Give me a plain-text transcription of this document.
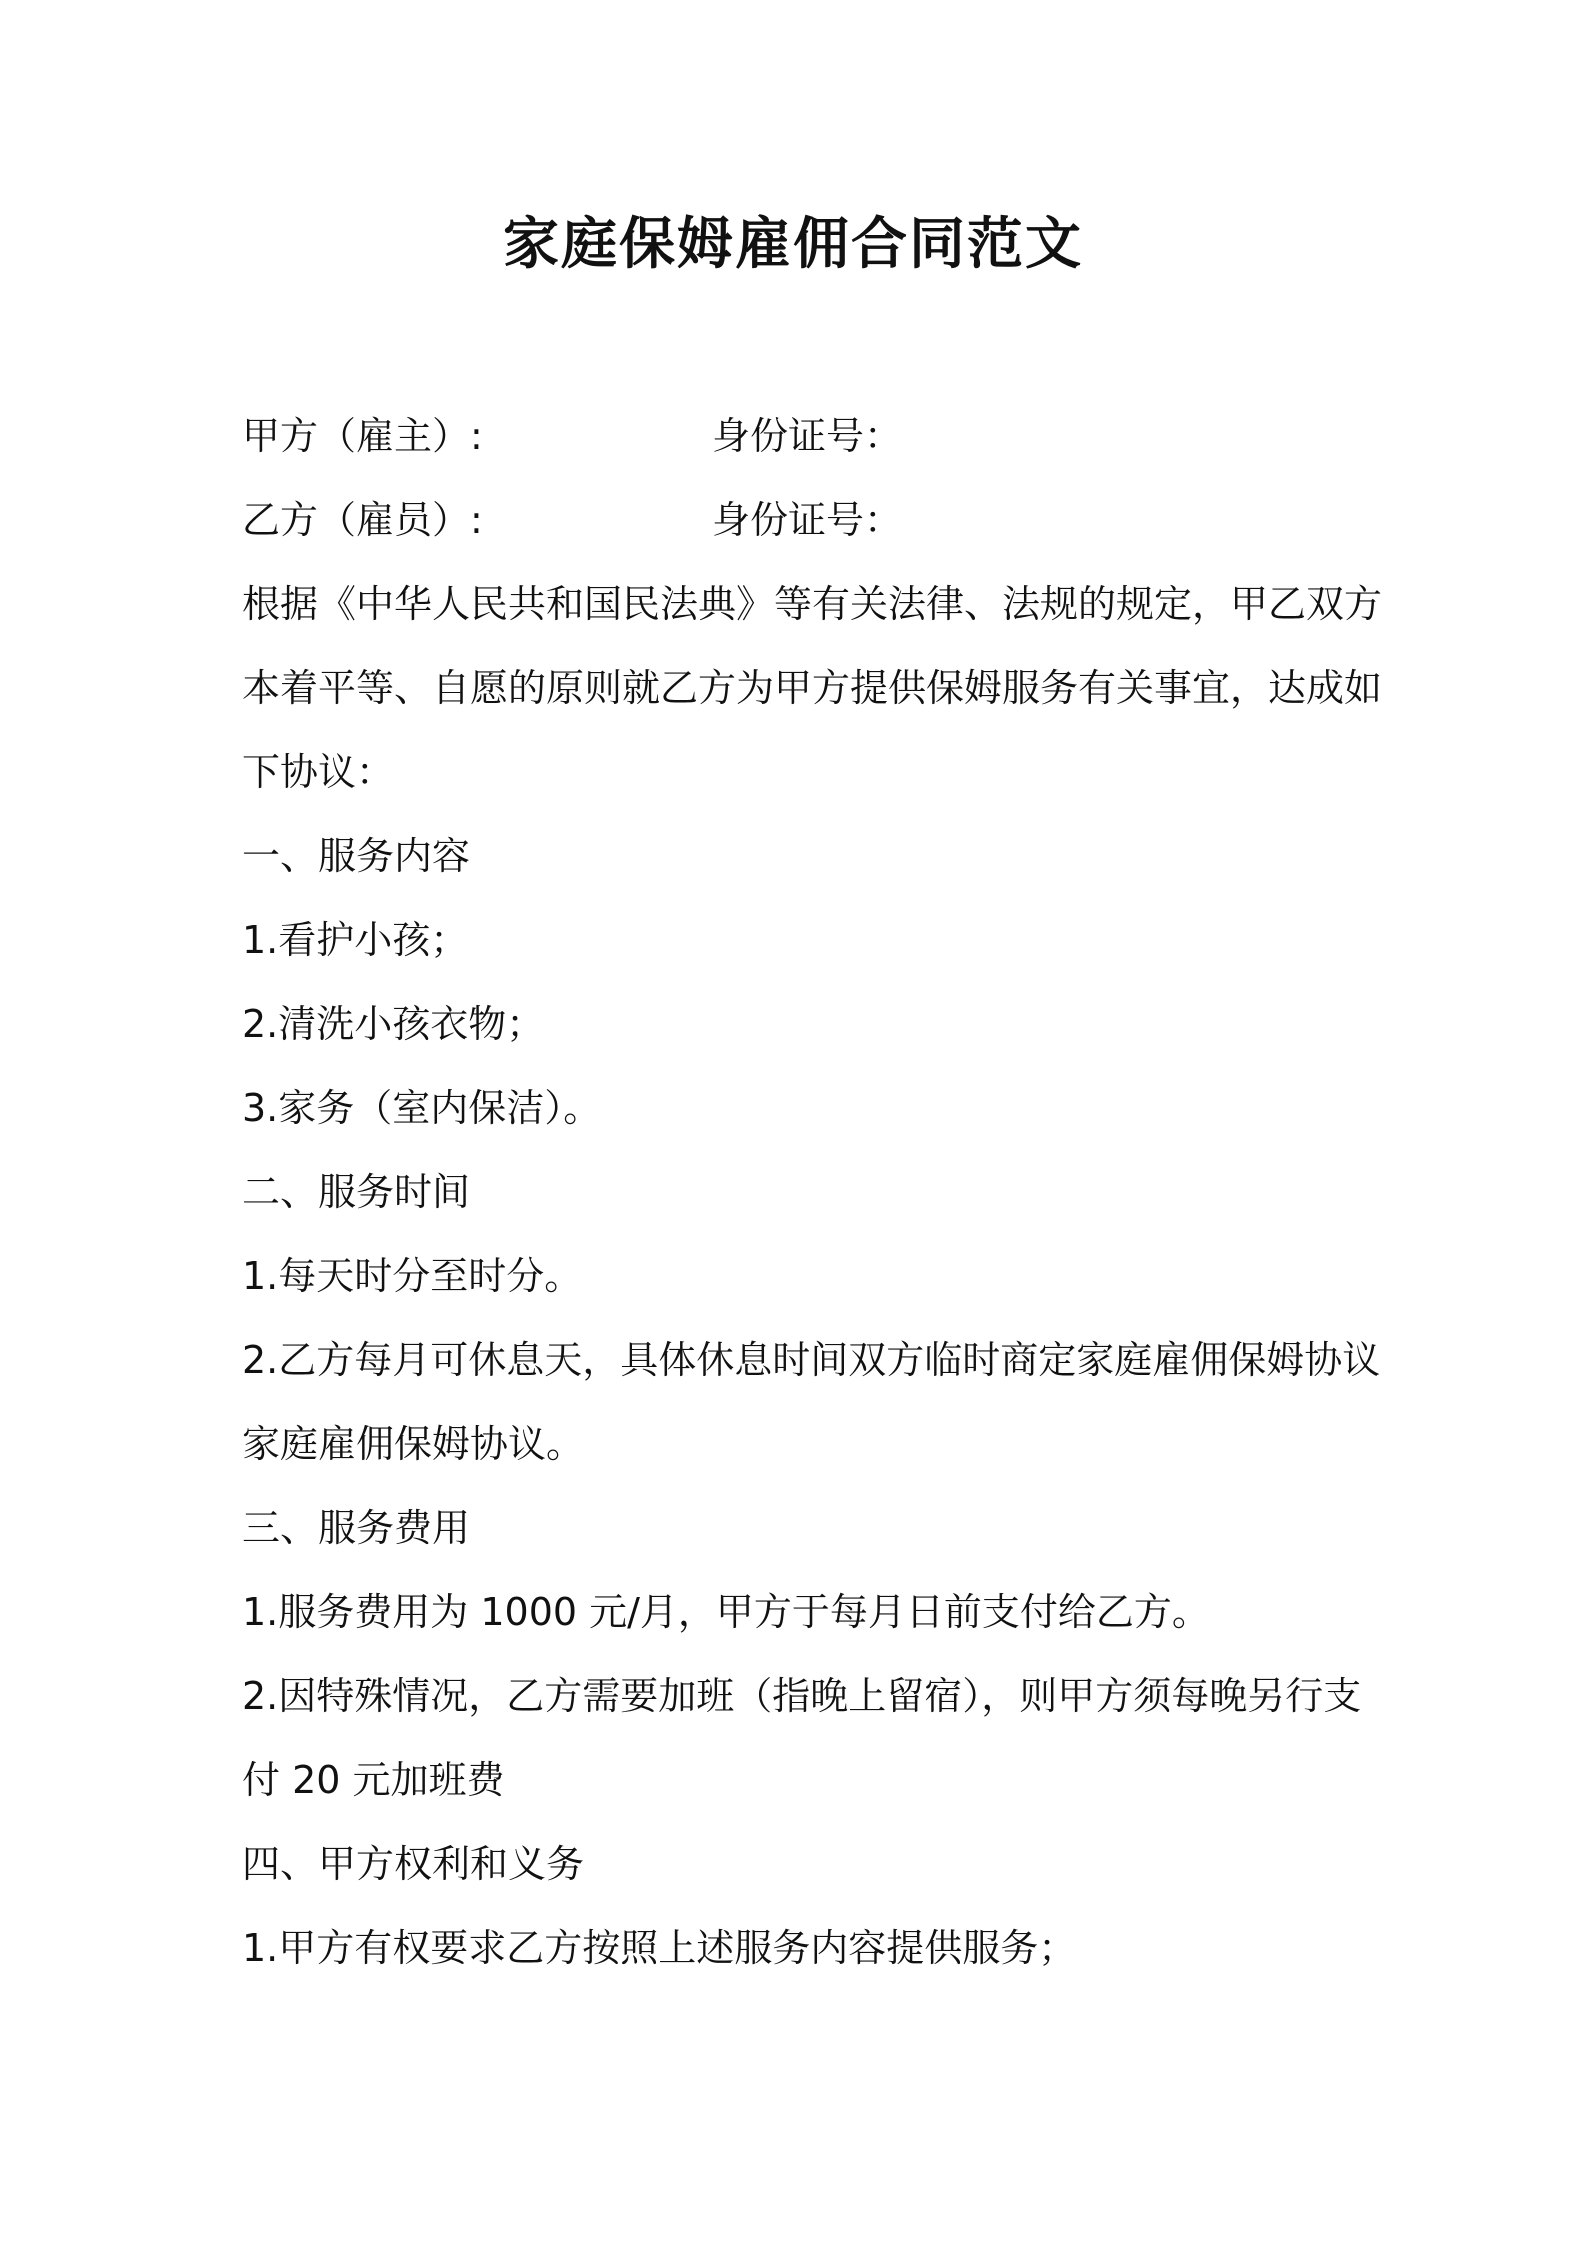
家庭保姆雇佣合同范文
甲方（雇主）:	身份证号：
乙方（雇员）:	身份证号：

根据《中华人民共和国民法典》等有关法律、法规的规定，甲乙双方

本着平等、自愿的原则就乙方为甲方提供保姆服务有关事宜，达成如

下协议：

一、服务内容

1.看护小孩；

2.清洗小孩衣物；

3.家务（室内保洁）。

二、服务时间

1.每天时分至时分。

2.乙方每月可休息天，具体休息时间双方临时商定家庭雇佣保姆协议

家庭雇佣保姆协议。

三、服务费用

1.服务费用为 1000 元/月，甲方于每月日前支付给乙方。

2.因特殊情况，乙方需要加班（指晚上留宿），则甲方须每晚另行支

付 20 元加班费

四、甲方权利和义务

1.甲方有权要求乙方按照上述服务内容提供服务；
